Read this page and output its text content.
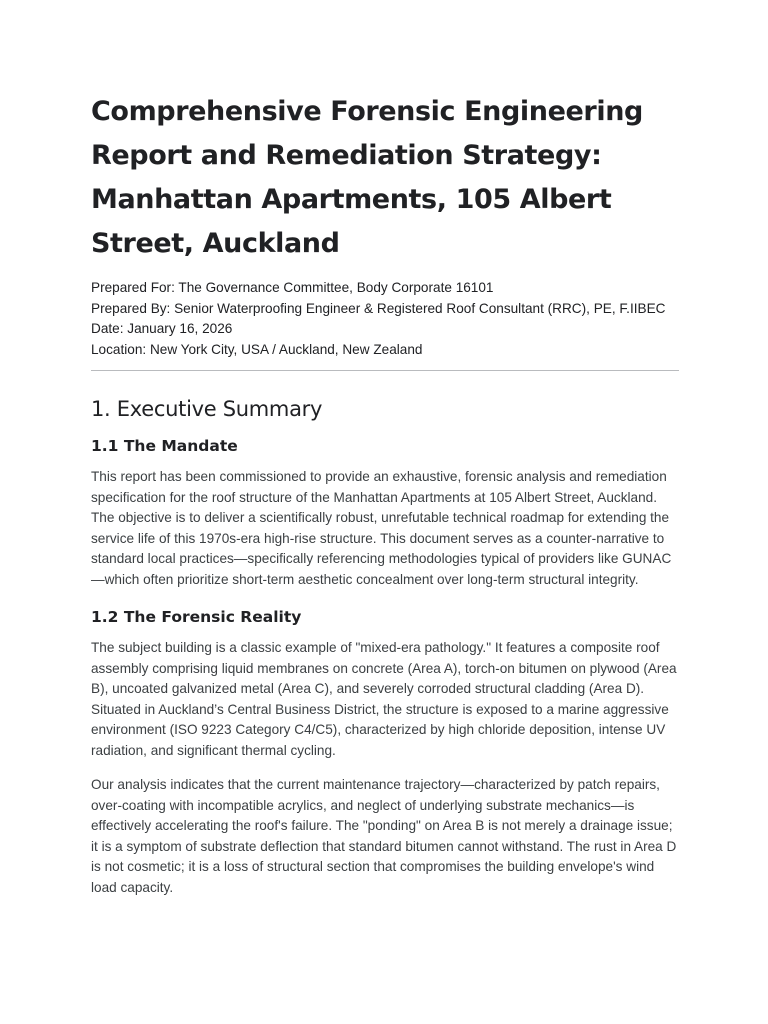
Comprehensive Forensic Engineering Report and Remediation Strategy: Manhattan Apartments, 105 Albert Street, Auckland
Prepared For: The Governance Committee, Body Corporate 16101
Prepared By: Senior Waterproofing Engineer & Registered Roof Consultant (RRC), PE, F.IIBEC
Date: January 16, 2026
Location: New York City, USA / Auckland, New Zealand
1. Executive Summary
1.1 The Mandate

This report has been commissioned to provide an exhaustive, forensic analysis and remediation specification for the roof structure of the Manhattan Apartments at 105 Albert Street, Auckland. The objective is to deliver a scientifically robust, unrefutable technical roadmap for extending the service life of this 1970s-era high-rise structure. This document serves as a counter-narrative to standard local practices—specifically referencing methodologies typical of providers like GUNAC—which often prioritize short-term aesthetic concealment over long-term structural integrity.

1.2 The Forensic Reality

The subject building is a classic example of "mixed-era pathology." It features a composite roof assembly comprising liquid membranes on concrete (Area A), torch-on bitumen on plywood (Area B), uncoated galvanized metal (Area C), and severely corroded structural cladding (Area D). Situated in Auckland’s Central Business District, the structure is exposed to a marine aggressive environment (ISO 9223 Category C4/C5), characterized by high chloride deposition, intense UV radiation, and significant thermal cycling.

Our analysis indicates that the current maintenance trajectory—characterized by patch repairs, over-coating with incompatible acrylics, and neglect of underlying substrate mechanics—is effectively accelerating the roof's failure. The "ponding" on Area B is not merely a drainage issue; it is a symptom of substrate deflection that standard bitumen cannot withstand. The rust in Area D is not cosmetic; it is a loss of structural section that compromises the building envelope's wind load capacity.
